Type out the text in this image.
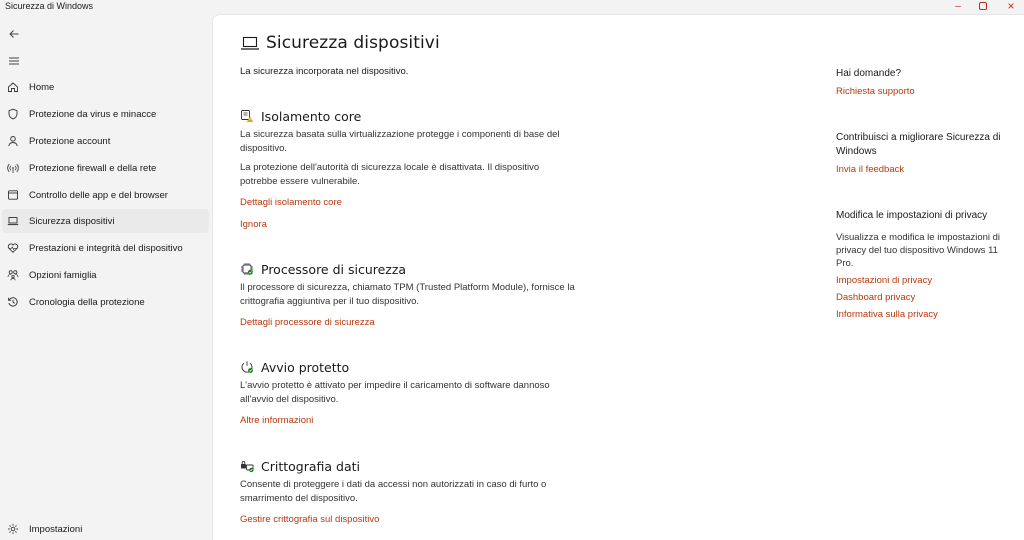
Sicurezza di Windows	–	×
Home
Protezione da virus e minacce
Protezione account
Protezione firewall e della rete
Controllo delle app e del browser
Sicurezza dispositivi
Prestazioni e integrità del dispositivo
Opzioni famiglia
Cronologia della protezione
Impostazioni
Sicurezza dispositivi
La sicurezza incorporata nel dispositivo.
Isolamento core

La sicurezza basata sulla virtualizzazione protegge i componenti di base del dispositivo.

La protezione dell'autorità di sicurezza locale è disattivata. Il dispositivo potrebbe essere vulnerabile.

Dettagli isolamento core
Ignora
Processore di sicurezza

Il processore di sicurezza, chiamato TPM (Trusted Platform Module), fornisce la crittografia aggiuntiva per il tuo dispositivo.

Dettagli processore di sicurezza
Avvio protetto

L'avvio protetto è attivato per impedire il caricamento di software dannoso all'avvio del dispositivo.

Altre informazioni
Crittografia dati

Consente di proteggere i dati da accessi non autorizzati in caso di furto o smarrimento del dispositivo.

Gestire crittografia sul dispositivo
Hai domande?
Richiesta supporto
Contribuisci a migliorare Sicurezza di Windows
Invia il feedback
Modifica le impostazioni di privacy

Visualizza e modifica le impostazioni di privacy del tuo dispositivo Windows 11 Pro.

Impostazioni di privacy
Dashboard privacy
Informativa sulla privacy
